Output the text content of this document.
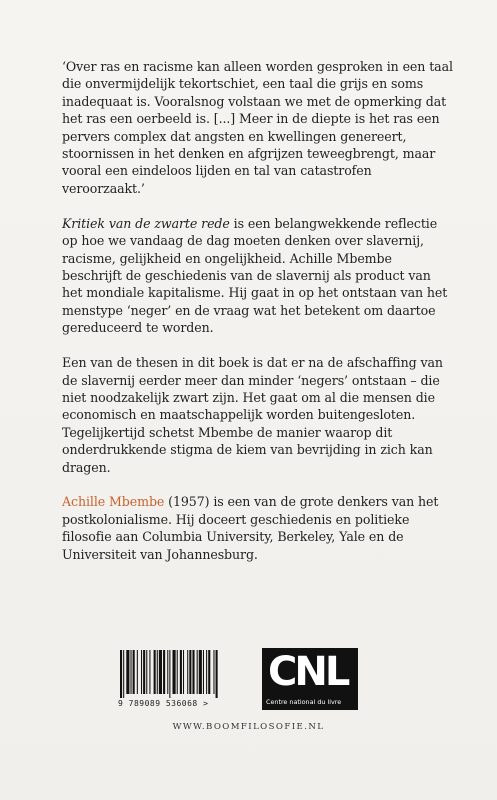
‘Over ras en racisme kan alleen worden gesproken in een taal die onvermijdelijk tekortschiet, een taal die grijs en soms inadequaat is. Vooralsnog volstaan we met de opmerking dat het ras een oerbeeld is. [...] Meer in de diepte is het ras een pervers complex dat angsten en kwellingen genereert, stoornissen in het denken en afgrijzen teweegbrengt, maar vooral een eindeloos lijden en tal van catastrofen veroorzaakt.’

Kritiek van de zwarte rede is een belangwekkende reflectie op hoe we vandaag de dag moeten denken over slavernij, racisme, gelijkheid en ongelijkheid. Achille Mbembe beschrijft de geschiedenis van de slavernij als product van het mondiale kapitalisme. Hij gaat in op het ontstaan van het menstype ‘neger’ en de vraag wat het betekent om daartoe gereduceerd te worden.

Een van de thesen in dit boek is dat er na de afschaffing van de slavernij eerder meer dan minder ‘negers’ ontstaan – die niet noodzakelijk zwart zijn. Het gaat om al die mensen die economisch en maatschappelijk worden buitengesloten. Tegelijkertijd schetst Mbembe de manier waarop dit onderdrukkende stigma de kiem van bevrijding in zich kan dragen.

Achille Mbembe (1957) is een van de grote denkers van het postkolonialisme. Hij doceert geschiedenis en politieke filosofie aan Columbia University, Berkeley, Yale en de Universiteit van Johannesburg.

9 789089 536068 >
CNL
Centre national du livre
WWW.BOOMFILOSOFIE.NL
